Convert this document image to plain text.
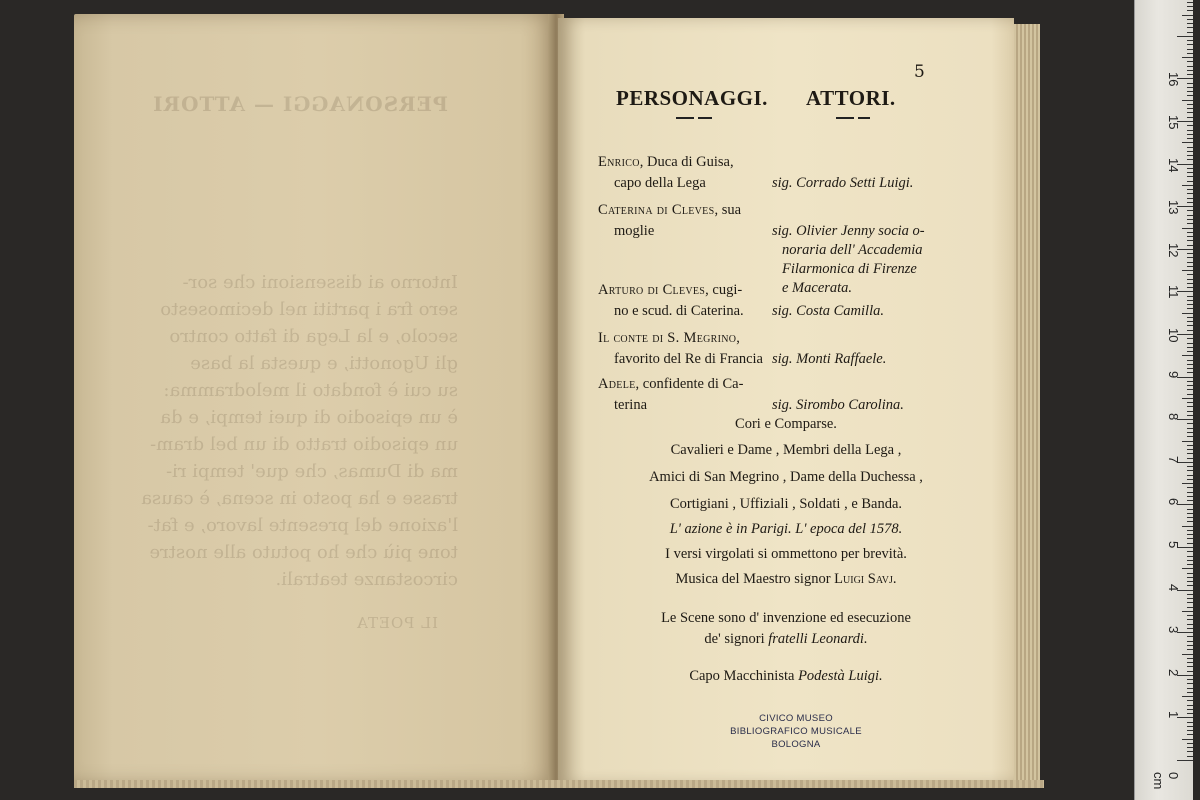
PERSONAGGI — ATTORI
Intorno ai dissensioni che sor-
sero fra i partiti nel decimosesto
secolo, e la Lega di fatto contro
gli Ugonotti, e questa la base
su cui è fondato il melodramma:
è un episodio di quei tempi, e da
un episodio tratto di un bel dram-
ma di Dumas, che que' tempi ri-
trasse e ha posto in scena, è causa
l'azione del presente lavoro, e fat-
tone più che ho potuto alle nostre
circostanze teatrali.
IL POETA
5
PERSONAGGI. ATTORI.
Enrico, Duca di Guisa,
capo della Lega	sig. Corrado Setti Luigi.
Caterina di Cleves, sua
moglie	sig. Olivier Jenny socia o-
noraria dell' Accademia
Filarmonica di Firenze
e Macerata.
Arturo di Cleves, cugi-
no e scud. di Caterina.	sig. Costa Camilla.
Il conte di S. Megrino,
favorito del Re di Francia sig. Monti Raffaele.
Adele, confidente di Ca-
terina	sig. Sirombo Carolina.
Cori e Comparse.
Cavalieri e Dame , Membri della Lega ,
Amici di San Megrino , Dame della Duchessa ,
Cortigiani , Uffiziali , Soldati , e Banda.
L' azione è in Parigi. L' epoca del 1578.
I versi virgolati si ommettono per brevità.
Musica del Maestro signor Luigi Savj.
Le Scene sono d' invenzione ed esecuzione
de' signori fratelli Leonardi.
Capo Macchinista Podestà Luigi.
CIVICO MUSEO
BIBLIOGRAFICO MUSICALE
BOLOGNA
0 cm
1
2
3
4
5
6
7
8
9
10
11
12
13
14
15
16
